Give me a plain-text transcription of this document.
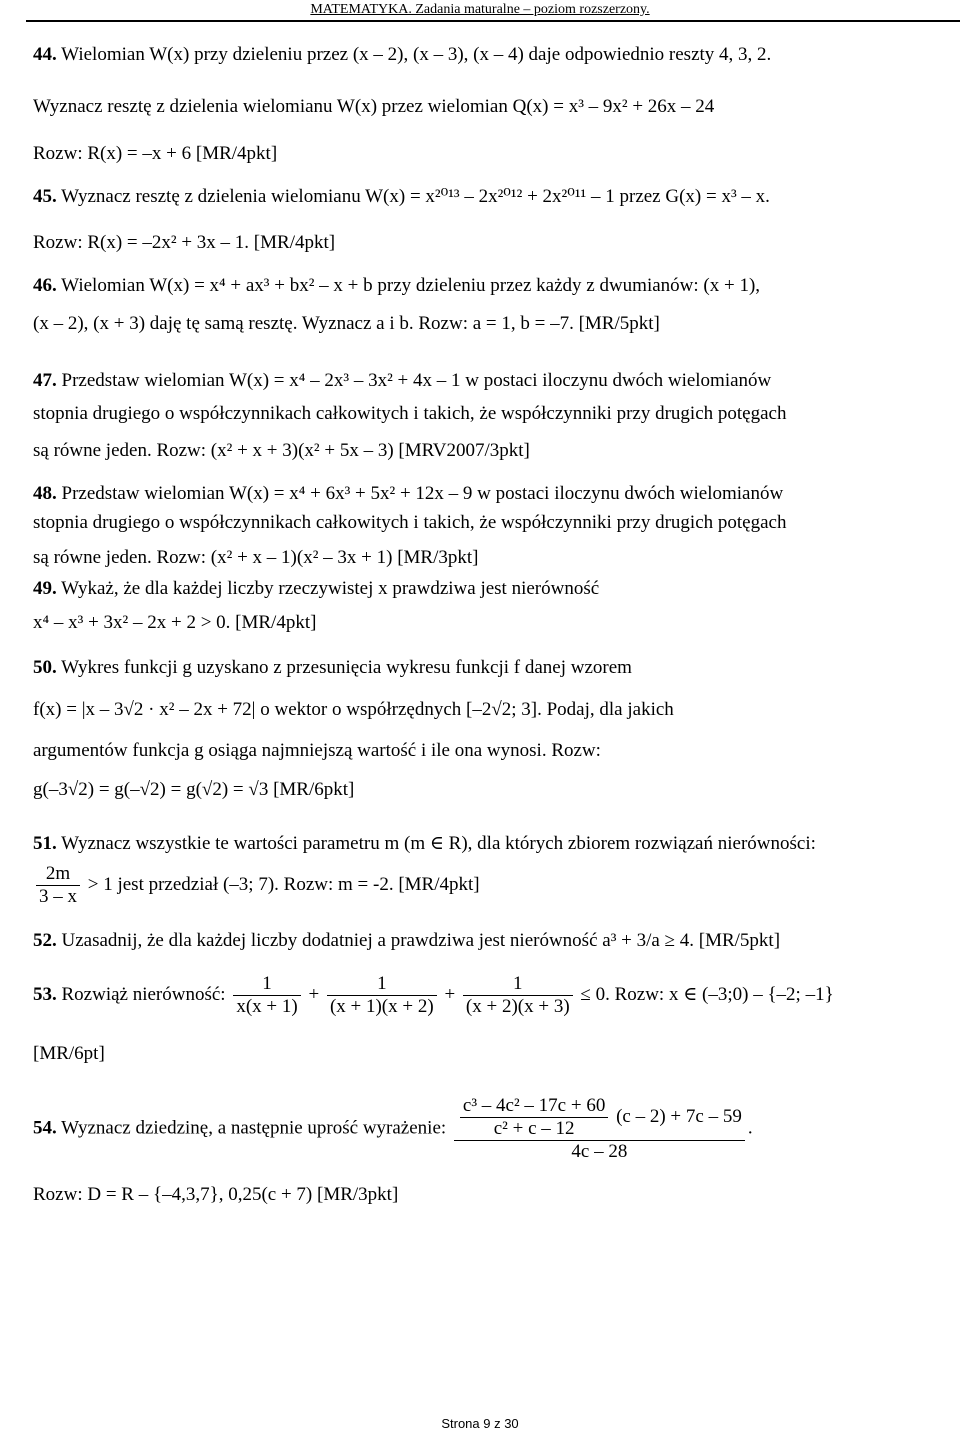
MATEMATYKA. Zadania maturalne – poziom rozszerzony.
44. Wielomian W(x) przy dzieleniu przez (x – 2), (x – 3), (x – 4) daje odpowiednio reszty 4, 3, 2.
Wyznacz resztę z dzielenia wielomianu W(x) przez wielomian Q(x) = x³ – 9x² + 26x – 24
Rozw: R(x) = –x + 6 [MR/4pkt]
45. Wyznacz resztę z dzielenia wielomianu W(x) = x²⁰¹³ – 2x²⁰¹² + 2x²⁰¹¹ – 1 przez G(x) = x³ – x.
Rozw: R(x) = –2x² + 3x – 1. [MR/4pkt]
46. Wielomian W(x) = x⁴ + ax³ + bx² – x + b przy dzieleniu przez każdy z dwumianów: (x + 1),
(x – 2), (x + 3) daję tę samą resztę. Wyznacz a i b. Rozw: a = 1, b = –7. [MR/5pkt]
47. Przedstaw wielomian W(x) = x⁴ – 2x³ – 3x² + 4x – 1 w postaci iloczynu dwóch wielomianów
stopnia drugiego o współczynnikach całkowitych i takich, że współczynniki przy drugich potęgach
są równe jeden. Rozw: (x² + x + 3)(x² + 5x – 3) [MRV2007/3pkt]
48. Przedstaw wielomian W(x) = x⁴ + 6x³ + 5x² + 12x – 9 w postaci iloczynu dwóch wielomianów
stopnia drugiego o współczynnikach całkowitych i takich, że współczynniki przy drugich potęgach
są równe jeden. Rozw: (x² + x – 1)(x² – 3x + 1) [MR/3pkt]
49. Wykaż, że dla każdej liczby rzeczywistej x prawdziwa jest nierówność
x⁴ – x³ + 3x² – 2x + 2 > 0. [MR/4pkt]
50. Wykres funkcji g uzyskano z przesunięcia wykresu funkcji f danej wzorem
f(x) = |x – 3√2 · x² – 2x + 72| o wektor o współrzędnych [–2√2; 3]. Podaj, dla jakich
argumentów funkcja g osiąga najmniejszą wartość i ile ona wynosi. Rozw:
g(–3√2) = g(–√2) = g(√2) = √3 [MR/6pkt]
51. Wyznacz wszystkie te wartości parametru m (m ∈ R), dla których zbiorem rozwiązań nierówności:
$\frac{2m}{3 - x} > 1$ jest przedział (–3; 7). Rozw: m = -2. [MR/4pkt]
52. Uzasadnij, że dla każdej liczby dodatniej a prawdziwa jest nierówność a³ + 3/a ≥ 4. [MR/5pkt]
53. Rozwiąż nierówność: $\frac{1}{x(x + 1)} + \frac{1}{(x + 1)(x + 2)} + \frac{1}{(x + 2)(x + 3)} \le 0$. Rozw: x ∈ (–3;0) – {–2; –1}
[MR/6pt]
54. Wyznacz dziedzinę, a następnie uprość wyrażenie: $\frac{\text{c³ – 4c² – 17c + 60}}{\text{c² + c – 12}} (c - 2) + 7c - 59$
4c – 28
.
Rozw: D = R – {–4,3,7}, 0,25(c + 7) [MR/3pkt]
Strona 9 z 30
